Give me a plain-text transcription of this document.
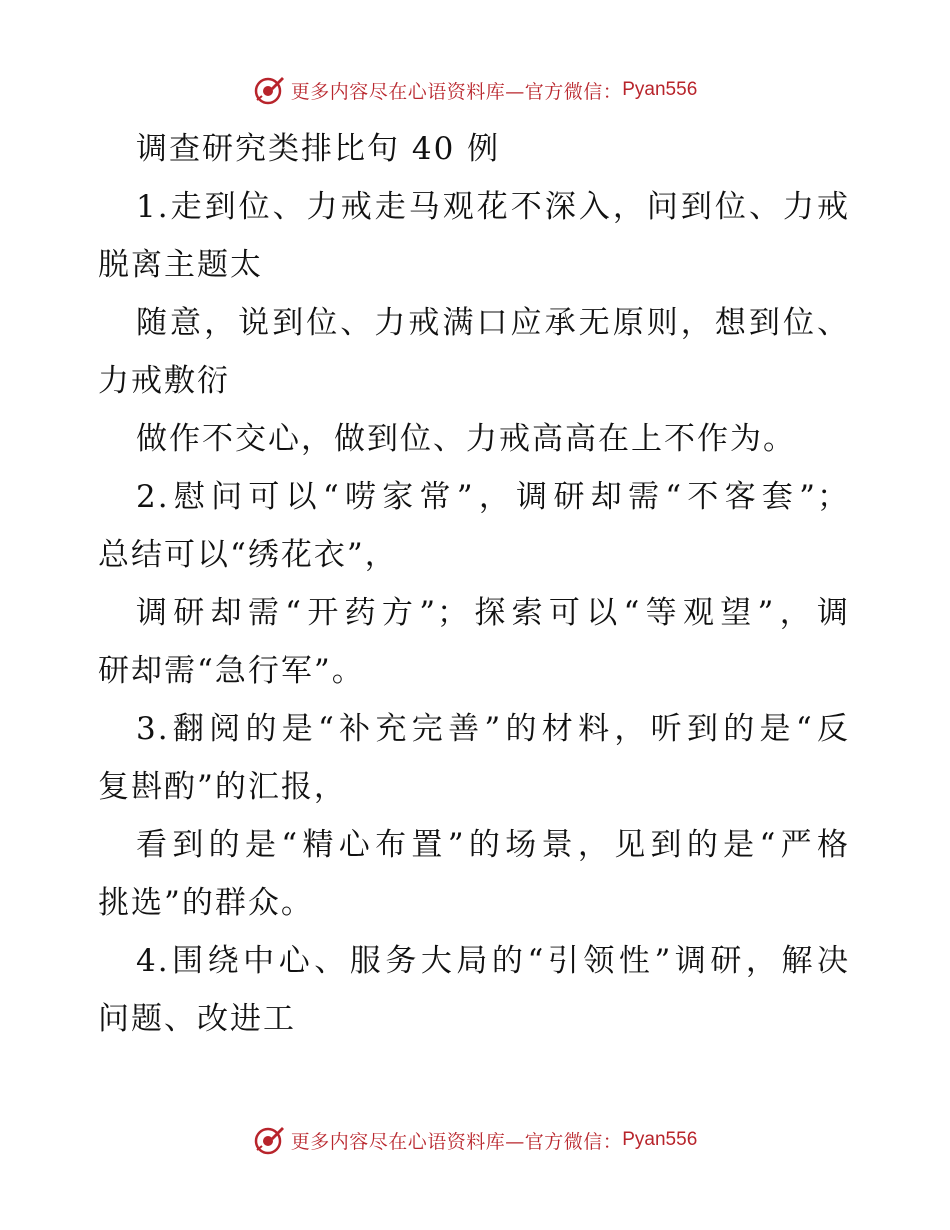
更多内容尽在心语资料库—官方微信： Pyan556
调查研究类排比句 40 例
1.走到位、力戒走马观花不深入，问到位、力戒
脱离主题太
随意，说到位、力戒满口应承无原则，想到位、
力戒敷衍
做作不交心，做到位、力戒高高在上不作为。
2.慰问可以“唠家常”，调研却需“不客套”；
总结可以“绣花衣”，
调研却需“开药方”；探索可以“等观望”，调
研却需“急行军”。
3.翻阅的是“补充完善”的材料，听到的是“反
复斟酌”的汇报，
看到的是“精心布置”的场景，见到的是“严格
挑选”的群众。
4.围绕中心、服务大局的“引领性”调研，解决
问题、改进工
更多内容尽在心语资料库—官方微信： Pyan556
